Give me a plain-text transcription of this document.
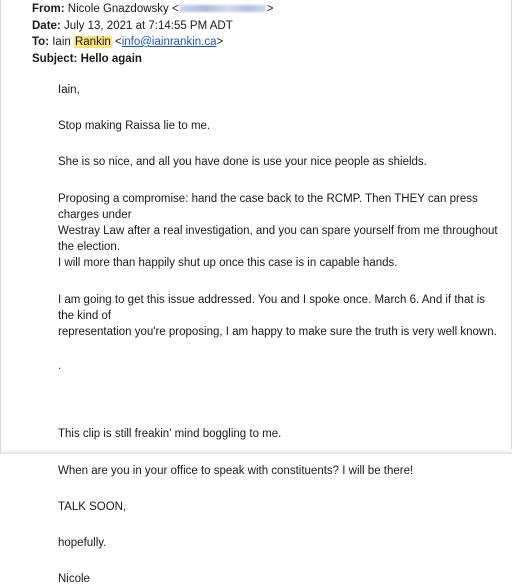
From: Nicole Gnazdowsky <	>
Date: July 13, 2021 at 7:14:55 PM ADT
To: Iain Rankin <info@iainrankin.ca>
Subject: Hello again

Iain,

Stop making Raissa lie to me.

She is so nice, and all you have done is use your nice people as shields.

Proposing a compromise: hand the case back to the RCMP. Then THEY can press charges under

Westray Law after a real investigation, and you can spare yourself from me throughout the election.

I will more than happily shut up once this case is in capable hands.

I am going to get this issue addressed. You and I spoke once. March 6. And if that is the kind of

representation you're proposing, I am happy to make sure the truth is very well known.

.

This clip is still freakin' mind boggling to me.

When are you in your office to speak with constituents? I will be there!

TALK SOON,

hopefully.

Nicole
